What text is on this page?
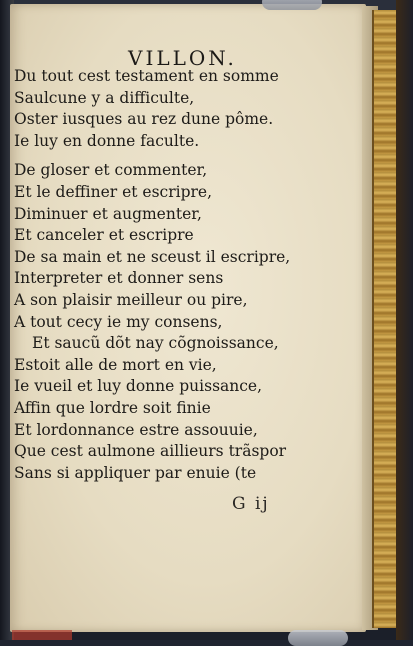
VILLON.
Du tout cest testament en somme
Saulcune y a difficulte,
Oster iusques au rez dune pôme.
Ie luy en donne faculte.
De gloser et commenter,
Et le deffiner et escripre,
Diminuer et augmenter,
Et canceler et escripre
De sa main et ne sceust il escripre,
Interpreter et donner sens
A son plaisir meilleur ou pire,
A tout cecy ie my consens,
Et saucũ dõt nay cõgnoissance,
Estoit alle de mort en vie,
Ie vueil et luy donne puissance,
Affin que lordre soit finie
Et lordonnance estre assouuie,
Que cest aulmone aillieurs trãspor
Sans si appliquer par enuie (te
G ij
